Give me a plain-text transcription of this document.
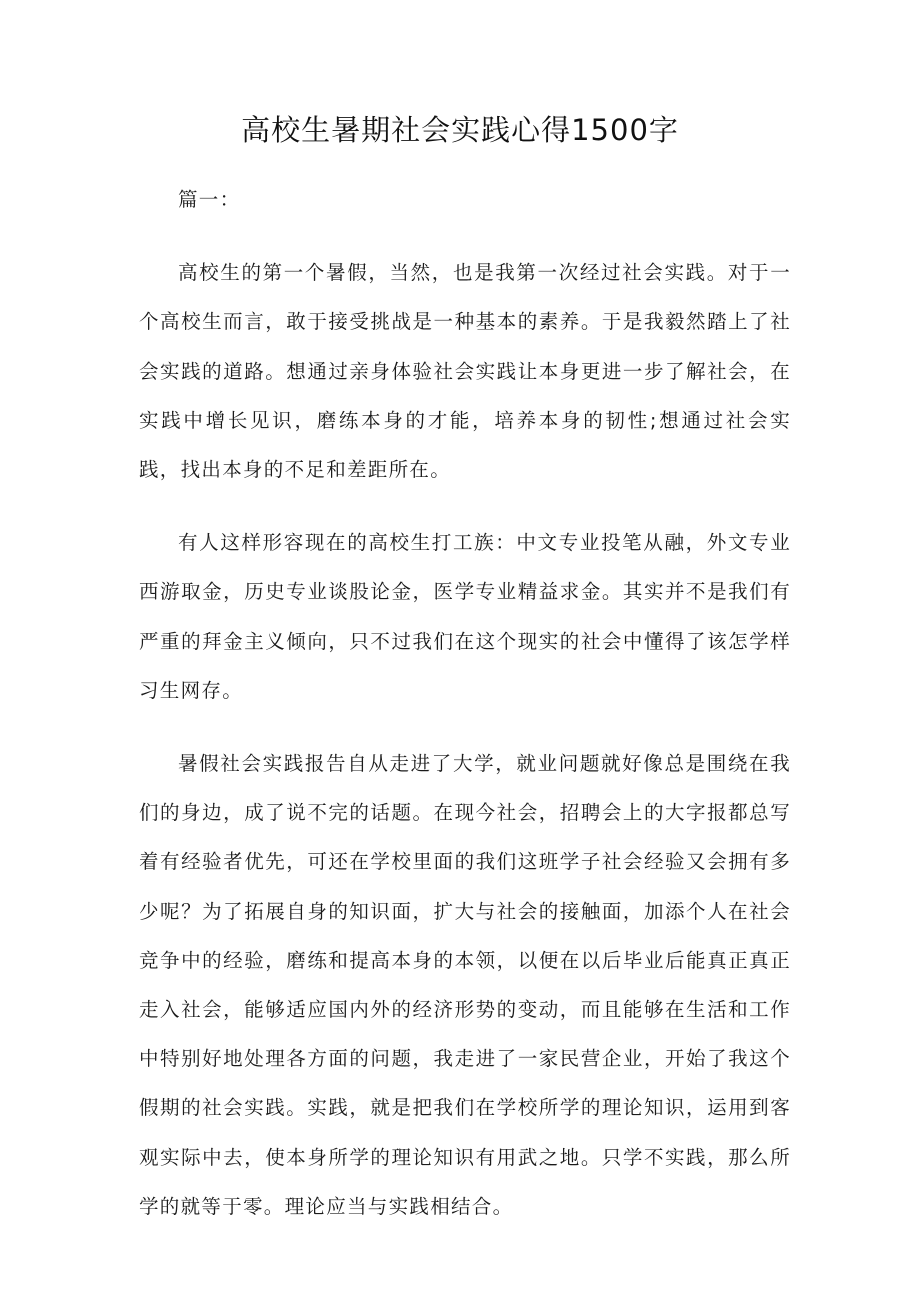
高校生暑期社会实践心得1500字

篇一：

高校生的第一个暑假，当然，也是我第一次经过社会实践。对于一个高校生而言，敢于接受挑战是一种基本的素养。于是我毅然踏上了社会实践的道路。想通过亲身体验社会实践让本身更进一步了解社会，在实践中增长见识，磨练本身的才能，培养本身的韧性;想通过社会实践，找出本身的不足和差距所在。

有人这样形容现在的高校生打工族：中文专业投笔从融，外文专业西游取金，历史专业谈股论金，医学专业精益求金。其实并不是我们有严重的拜金主义倾向，只不过我们在这个现实的社会中懂得了该怎学样习生网存。

暑假社会实践报告自从走进了大学，就业问题就好像总是围绕在我们的身边，成了说不完的话题。在现今社会，招聘会上的大字报都总写着有经验者优先，可还在学校里面的我们这班学子社会经验又会拥有多少呢？为了拓展自身的知识面，扩大与社会的接触面，加添个人在社会竞争中的经验，磨练和提高本身的本领，以便在以后毕业后能真正真正走入社会，能够适应国内外的经济形势的变动，而且能够在生活和工作中特别好地处理各方面的问题，我走进了一家民营企业，开始了我这个假期的社会实践。实践，就是把我们在学校所学的理论知识，运用到客观实际中去，使本身所学的理论知识有用武之地。只学不实践，那么所学的就等于零。理论应当与实践相结合。
